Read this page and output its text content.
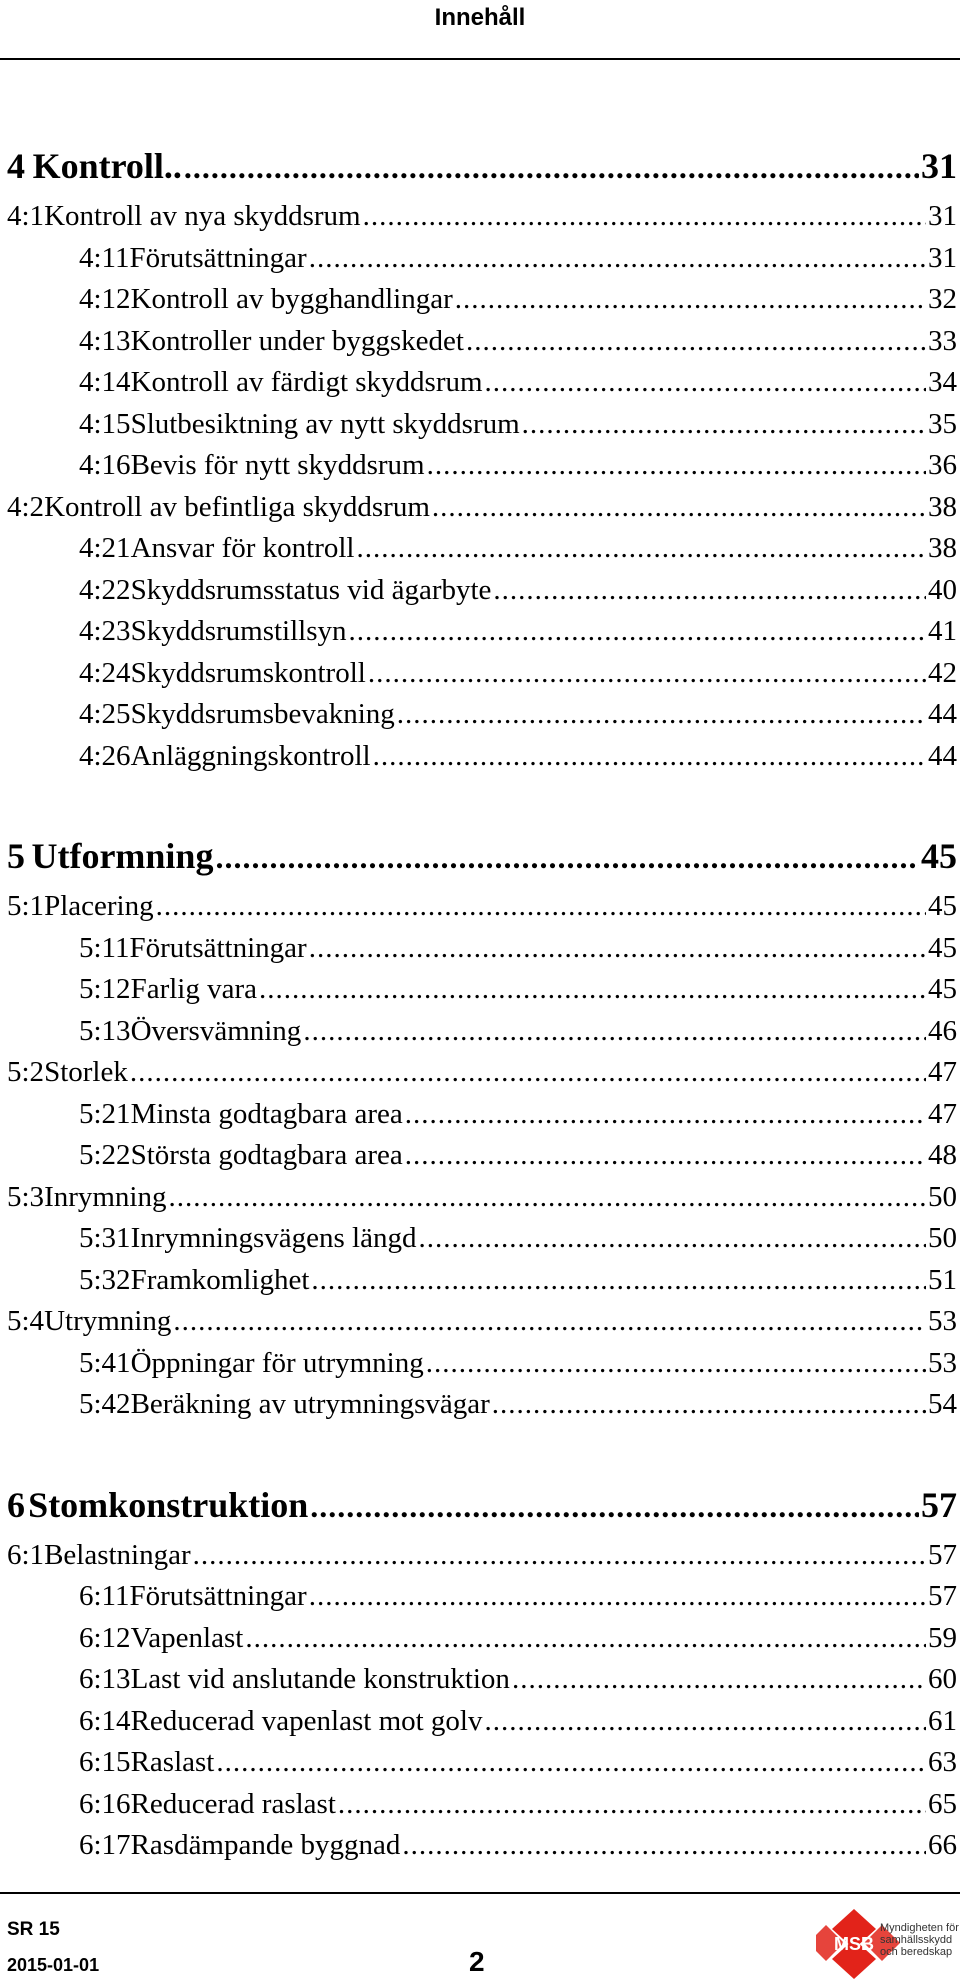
Innehåll
4 Kontroll.. .....	31
4:1 Kontroll av nya skyddsrum .....	31
4:11 Förutsättningar .....	31
4:12 Kontroll av bygghandlingar .....	32
4:13 Kontroller under byggskedet .....	33
4:14 Kontroll av färdigt skyddsrum .....	34
4:15 Slutbesiktning av nytt skyddsrum .....	35
4:16 Bevis för nytt skyddsrum .....	36
4:2 Kontroll av befintliga skyddsrum .....	38
4:21 Ansvar för kontroll .....	38
4:22 Skyddsrumsstatus vid ägarbyte .....	40
4:23 Skyddsrumstillsyn .....	41
4:24 Skyddsrumskontroll .....	42
4:25 Skyddsrumsbevakning .....	44
4:26 Anläggningskontroll .....	44
5 Utformning .....	45
5:1 Placering .....	45
5:11 Förutsättningar .....	45
5:12 Farlig vara .....	45
5:13 Översvämning .....	46
5:2 Storlek .....	47
5:21 Minsta godtagbara area .....	47
5:22 Största godtagbara area .....	48
5:3 Inrymning .....	50
5:31 Inrymningsvägens längd .....	50
5:32 Framkomlighet .....	51
5:4 Utrymning .....	53
5:41 Öppningar för utrymning .....	53
5:42 Beräkning av utrymningsvägar .....	54
6 Stomkonstruktion .....	57
6:1 Belastningar .....	57
6:11 Förutsättningar .....	57
6:12 Vapenlast .....	59
6:13 Last vid anslutande konstruktion .....	60
6:14 Reducerad vapenlast mot golv .....	61
6:15 Raslast .....	63
6:16 Reducerad raslast .....	65
6:17 Rasdämpande byggnad .....	66
SR 15
2015-01-01	2
MSB
Myndigheten för
samhällsskydd
och beredskap
